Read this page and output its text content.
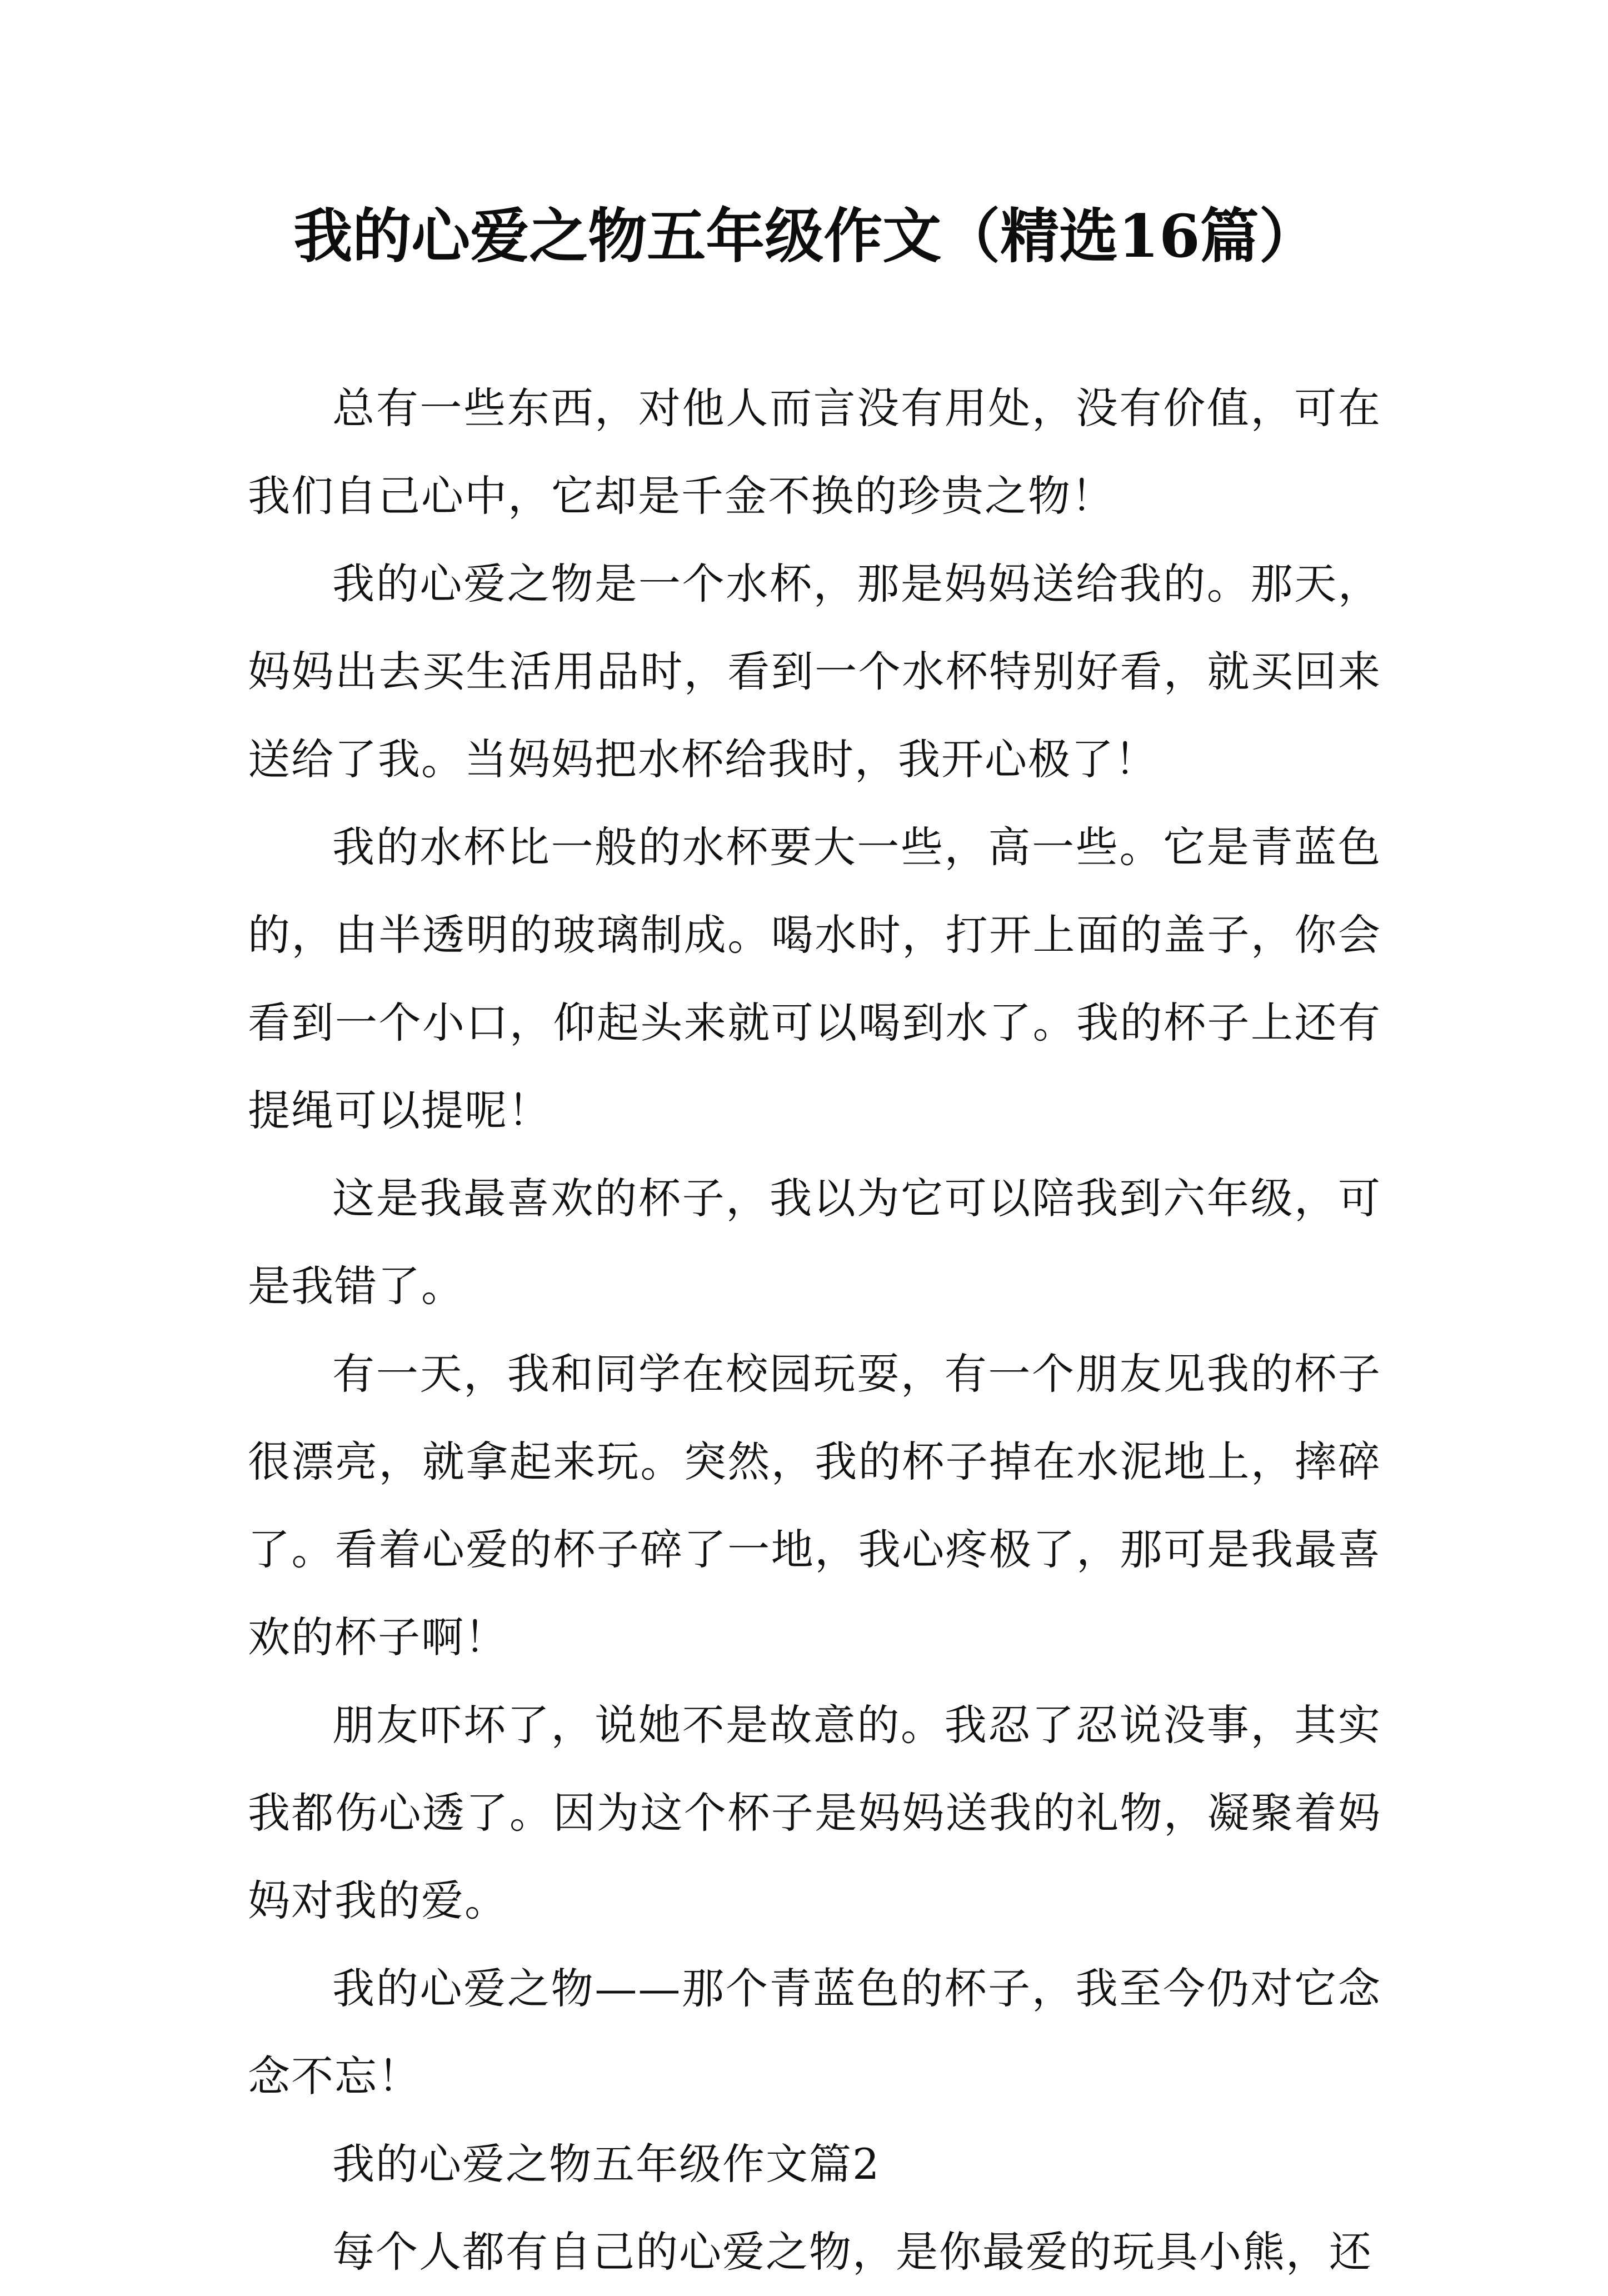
我的心爱之物五年级作文（精选16篇）

总有一些东西，对他人而言没有用处，没有价值，可在我们自己心中，它却是千金不换的珍贵之物！

我的心爱之物是一个水杯，那是妈妈送给我的。那天，妈妈出去买生活用品时，看到一个水杯特别好看，就买回来送给了我。当妈妈把水杯给我时，我开心极了！

我的水杯比一般的水杯要大一些，高一些。它是青蓝色的，由半透明的玻璃制成。喝水时，打开上面的盖子，你会看到一个小口，仰起头来就可以喝到水了。我的杯子上还有提绳可以提呢！

这是我最喜欢的杯子，我以为它可以陪我到六年级，可是我错了。

有一天，我和同学在校园玩耍，有一个朋友见我的杯子很漂亮，就拿起来玩。突然，我的杯子掉在水泥地上，摔碎了。看着心爱的杯子碎了一地，我心疼极了，那可是我最喜欢的杯子啊！

朋友吓坏了，说她不是故意的。我忍了忍说没事，其实我都伤心透了。因为这个杯子是妈妈送我的礼物，凝聚着妈妈对我的爱。

我的心爱之物——那个青蓝色的杯子，我至今仍对它念念不忘！

我的心爱之物五年级作文篇2

每个人都有自己的心爱之物，是你最爱的玩具小熊，还
